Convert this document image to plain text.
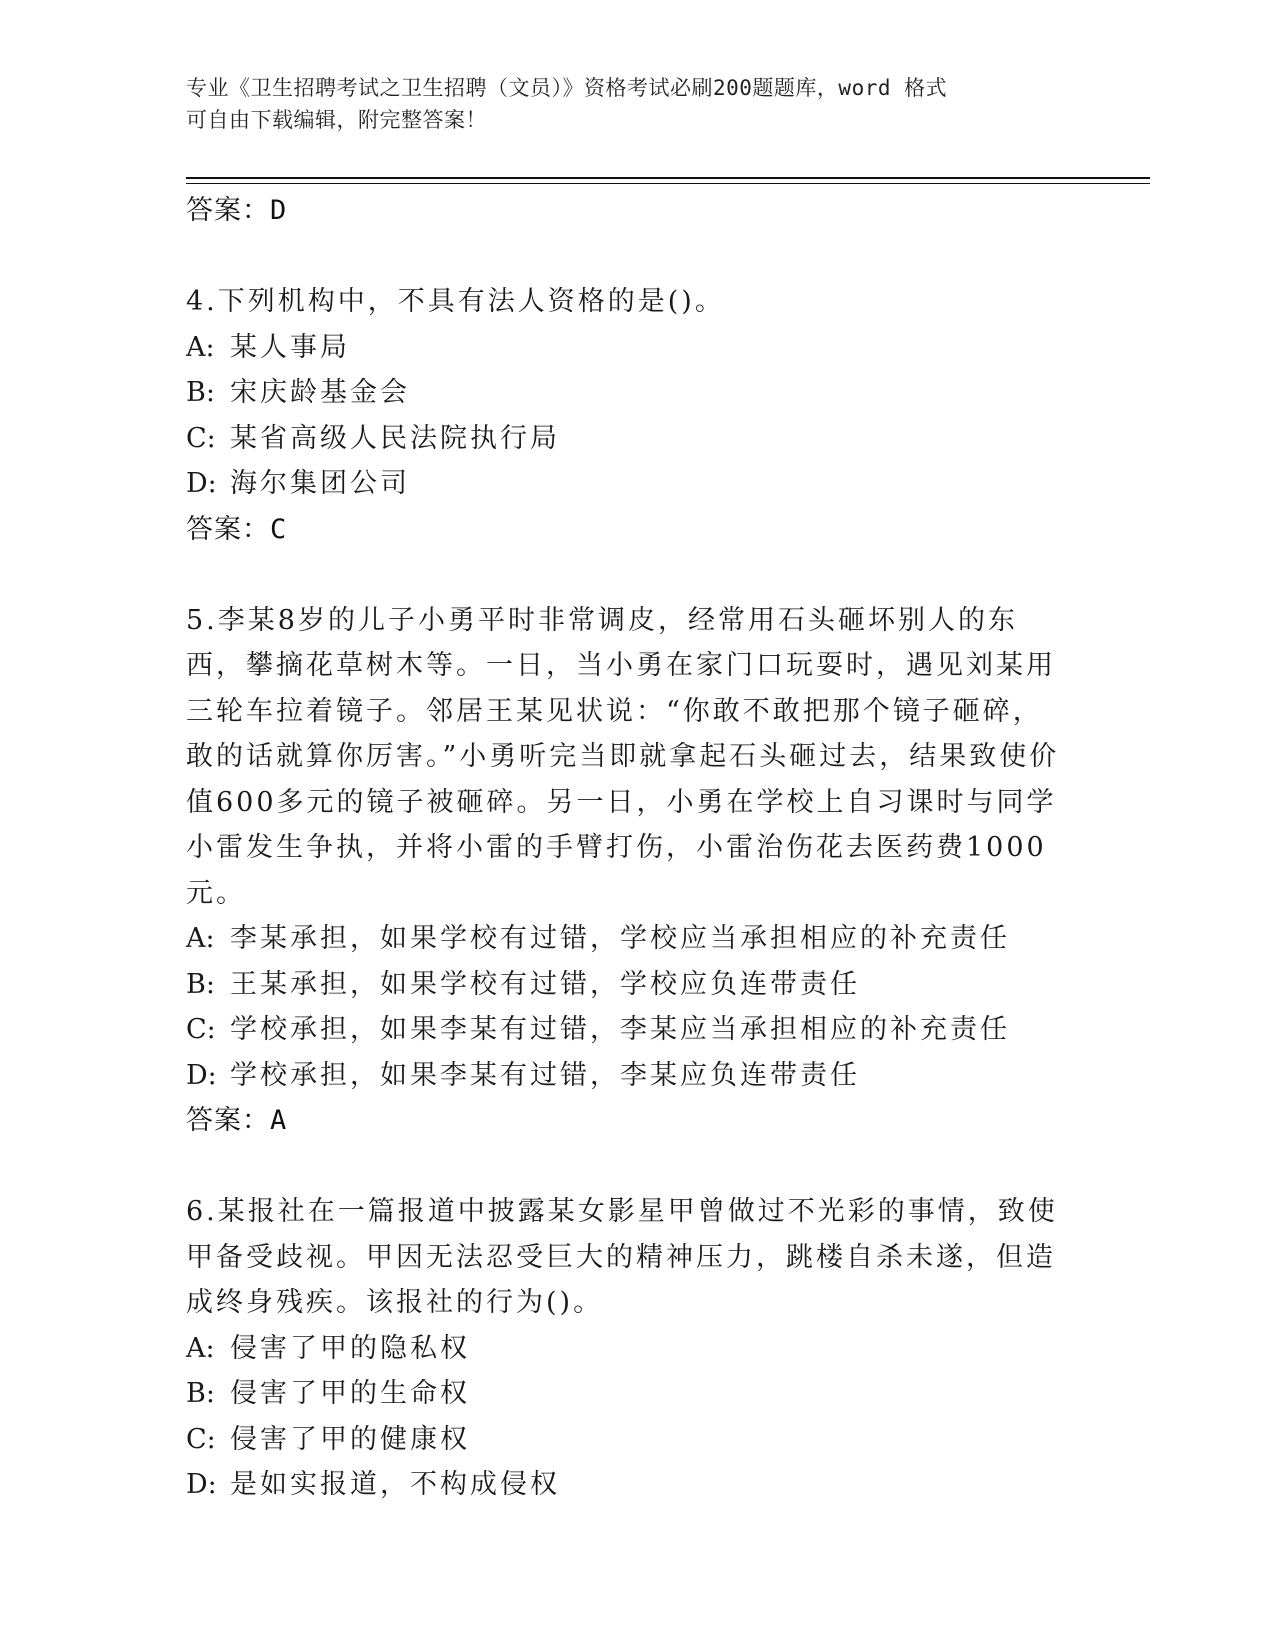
专业《卫生招聘考试之卫生招聘（文员）》资格考试必刷200题题库，word 格式
可自由下载编辑，附完整答案！
答案：D

4.下列机构中，不具有法人资格的是()。

A: 某人事局
B: 宋庆龄基金会
C: 某省高级人民法院执行局
D: 海尔集团公司
答案：C

5.李某8岁的儿子小勇平时非常调皮，经常用石头砸坏别人的东西，攀摘花草树木等。一日，当小勇在家门口玩耍时，遇见刘某用三轮车拉着镜子。邻居王某见状说：“你敢不敢把那个镜子砸碎，敢的话就算你厉害。”小勇听完当即就拿起石头砸过去，结果致使价值600多元的镜子被砸碎。另一日，小勇在学校上自习课时与同学小雷发生争执，并将小雷的手臂打伤，小雷治伤花去医药费1000元。

A: 李某承担，如果学校有过错，学校应当承担相应的补充责任
B: 王某承担，如果学校有过错，学校应负连带责任
C: 学校承担，如果李某有过错，李某应当承担相应的补充责任
D: 学校承担，如果李某有过错，李某应负连带责任
答案：A

6.某报社在一篇报道中披露某女影星甲曾做过不光彩的事情，致使甲备受歧视。甲因无法忍受巨大的精神压力，跳楼自杀未遂，但造成终身残疾。该报社的行为()。

A: 侵害了甲的隐私权
B: 侵害了甲的生命权
C: 侵害了甲的健康权
D: 是如实报道，不构成侵权
